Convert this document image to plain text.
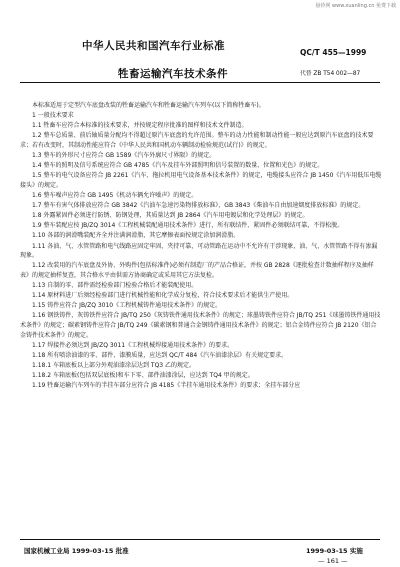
悬铃网 www.xuanling.cn 免费下载
中华人民共和国汽车行业标准
QC/T 455—1999
牲畜运输汽车技术条件	代替 ZB T54 002—87

本标准适用于定型汽车底盘改装的牲畜运输汽车和牲畜运输汽车列车(以下简称牲畜车)。

1 一般技术要求

1.1 牲畜车应符合本标准的技术要求，并按规定程序批准的图样和技术文件制造。

1.2 整车总质量、前后轴质量分配均不得超过原汽车底盘的允许范围。整车的动力性能和制动性能一般应达到原汽车底盘的技术要求；若有改变时，其制动性能应符合《中华人民共和国机动车辆制动检验规范(试行)》的规定。

1.3 整车的外形尺寸应符合 GB 1589《汽车外廓尺寸界限》的规定。

1.4 整车的照明及信号系统应符合 GB 4785《汽车及挂车外部照明和信号装置的数量、位置和光色》的规定。

1.5 整车的电气设备应符合 JB 2261《汽车、拖拉机用电气设备基本技术条件》的规定，电缆接头应符合 JB 1450《汽车用低压电缆接头》的规定。

1.6 整车噪声应符合 GB 1495《机动车辆允许噪声》的规定。

1.7 整车有害气体排放应符合 GB 3842《汽油车急速污染物排放标准》、GB 3843《柴油车自由加速烟度排放标准》的规定。

1.8 外露紧固件必须进行防锈、防钢处理，其质量达到 JB 2864《汽车用电镀层和化学处理层》的规定。

1.9 整车装配应按 JB/ZQ 3014《工程机械装配通用技术条件》进行，所有联结件、紧固件必须联结可靠，不得松脱。

1.10 各部的润滑嘴装配齐全并注满润滑脂，其它摩擦表面按规定涂加润滑脂。

1.11 各油、气、水管管路和电气线路应固定牢固，夹持可靠，可动管路在运动中不允许有干涉现象，油、气、水管管路不得有渗漏现象。

1.12 改装用的汽车底盘及外协、外购件(包括标准件)必须有制造厂的产品合格证，并按 GB 2828《逐批检查计数抽样程序及抽样表》的规定抽样复查，其合格水平由供需方协商确定或采用其它方法复检。

1.13 自制的零、部件需经检验部门检验合格后才能装配使用。

1.14 原材料进厂后须经检验部门进行机械性能和化学成分复检，符合技术要求后才能供生产使用。

1.15 铸件应符合 JB/ZQ 3010《工程机械铸件通用技术条件》的规定。

1.16 钢铁铸件，灰铸铁件应符合 JB/TQ 250《灰铸铁件通用技术条件》的规定；球墨铸铁件应符合 JB/TQ 251《球墨铸铁件通用技术条件》的规定；碳素钢铸件应符合 JB/TQ 249《碳素钢和普通合金钢铸件通用技术条件》的规定；铝合金铸件应符合 JB 2120《铝合金铸件技术条件》的规定。

1.17 焊接件必须达到 JB/ZQ 3011《工程机械焊接通用技术条件》的要求。

1.18 所有喷涂油漆的零、部件、漆膜质量，应达到 QC/T 484《汽车油漆涂层》有关规定要求。

1.18.1 车箱底板以上部分外观油漆涂层达到 TQ3 乙的规定。

1.18.2 车箱底板(包括双层底板)和车下零、部件油漆涂层，应达到 TQ4 甲的规定。

1.19 牲畜运输汽车列车的半挂车部分应符合 JB 4185《半挂车通用技术条件》的要求；全挂车部分应

国家机械工业局 1999-03-15 批准	1999-03-15 实施
— 161 —
